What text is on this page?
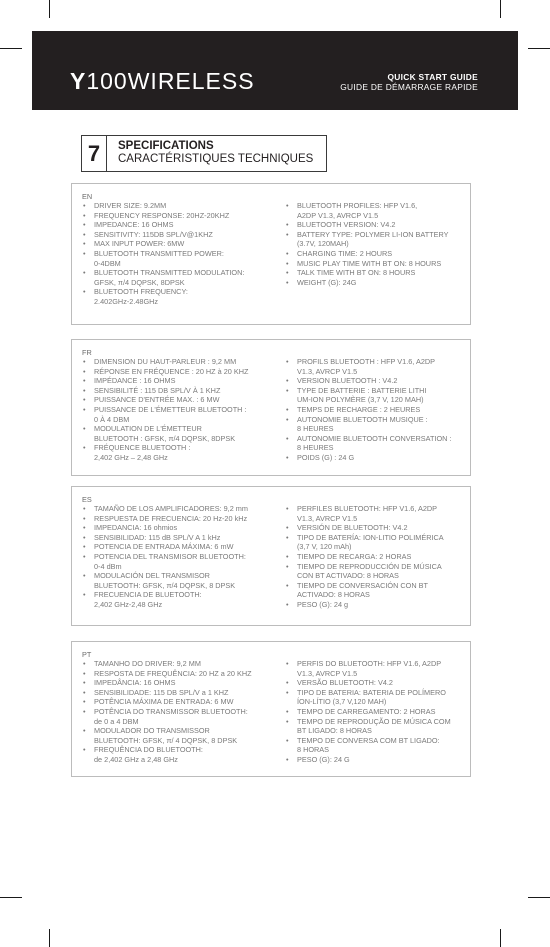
Y100WIRELESS	QUICK START GUIDE
GUIDE DE DÉMARRAGE RAPIDE
7	SPECIFICATIONS
CARACTÉRISTIQUES TECHNIQUES
EN
• DRIVER SIZE: 9.2MM
• FREQUENCY RESPONSE: 20HZ-20KHZ
• IMPEDANCE: 16 OHMS
• SENSITIVITY: 115DB SPL/V@1KHZ
• MAX INPUT POWER: 6MW
• BLUETOOTH TRANSMITTED POWER:
0-4DBM
• BLUETOOTH TRANSMITTED MODULATION:
GFSK, π/4 DQPSK, 8DPSK
• BLUETOOTH FREQUENCY:
2.402GHz-2.48GHz
• BLUETOOTH PROFILES: HFP V1.6,
A2DP V1.3, AVRCP V1.5
• BLUETOOTH VERSION: V4.2
• BATTERY TYPE: POLYMER LI-ION BATTERY
(3.7V, 120MAH)
• CHARGING TIME: 2 HOURS
• MUSIC PLAY TIME WITH BT ON: 8 HOURS
• TALK TIME WITH BT ON: 8 HOURS
• WEIGHT (G): 24G
FR
• DIMENSION DU HAUT-PARLEUR : 9,2 MM
• RÉPONSE EN FRÉQUENCE : 20 HZ à 20 KHZ
• IMPÉDANCE : 16 OHMS
• SENSIBILITÉ : 115 DB SPL/V À 1 KHZ
• PUISSANCE D'ENTRÉE MAX. : 6 MW
• PUISSANCE DE L'ÉMETTEUR BLUETOOTH :
0 À 4 DBM
• MODULATION DE L'ÉMETTEUR
BLUETOOTH : GFSK, π/4 DQPSK, 8DPSK
• FRÉQUENCE BLUETOOTH :
2,402 GHz – 2,48 GHz
• PROFILS BLUETOOTH : HFP V1.6, A2DP
V1.3, AVRCP V1.5
• VERSION BLUETOOTH : V4.2
• TYPE DE BATTERIE : BATTERIE LITHI
UM-ION POLYMÈRE (3,7 V, 120 MAH)
• TEMPS DE RECHARGE : 2 HEURES
• AUTONOMIE BLUETOOTH MUSIQUE :
8 HEURES
• AUTONOMIE BLUETOOTH CONVERSATION :
8 HEURES
• POIDS (G) : 24 G
ES
• TAMAÑO DE LOS AMPLIFICADORES: 9,2 mm
• RESPUESTA DE FRECUENCIA: 20 Hz-20 kHz
• IMPEDANCIA: 16 ohmios
• SENSIBILIDAD: 115 dB SPL/V A 1 kHz
• POTENCIA DE ENTRADA MÁXIMA: 6 mW
• POTENCIA DEL TRANSMISOR BLUETOOTH:
0-4 dBm
• MODULACIÓN DEL TRANSMISOR
BLUETOOTH: GFSK, π/4 DQPSK, 8 DPSK
• FRECUENCIA DE BLUETOOTH:
2,402 GHz-2,48 GHz
• PERFILES BLUETOOTH: HFP V1.6, A2DP
V1.3, AVRCP V1.5
• VERSIÓN DE BLUETOOTH: V4.2
• TIPO DE BATERÍA: ION-LITIO POLIMÉRICA
(3,7 V, 120 mAh)
• TIEMPO DE RECARGA: 2 HORAS
• TIEMPO DE REPRODUCCIÓN DE MÚSICA
CON BT ACTIVADO: 8 HORAS
• TIEMPO DE CONVERSACIÓN CON BT
ACTIVADO: 8 HORAS
• PESO (G): 24 g
PT
• TAMANHO DO DRIVER: 9,2 MM
• RESPOSTA DE FREQUÊNCIA: 20 HZ a 20 KHZ
• IMPEDÂNCIA: 16 OHMS
• SENSIBILIDADE: 115 DB SPL/V a 1 KHZ
• POTÊNCIA MÁXIMA DE ENTRADA: 6 MW
• POTÊNCIA DO TRANSMISSOR BLUETOOTH:
de 0 a 4 DBM
• MODULADOR DO TRANSMISSOR
BLUETOOTH: GFSK, π/ 4 DQPSK, 8 DPSK
• FREQUÊNCIA DO BLUETOOTH:
de 2,402 GHz a 2,48 GHz
• PERFIS DO BLUETOOTH: HFP V1.6, A2DP
V1.3, AVRCP V1.5
• VERSÃO BLUETOOTH: V4.2
• TIPO DE BATERIA: BATERIA DE POLÍMERO
ÍON-LÍTIO (3,7 V,120 MAH)
• TEMPO DE CARREGAMENTO: 2 HORAS
• TEMPO DE REPRODUÇÃO DE MÚSICA COM
BT LIGADO: 8 HORAS
• TEMPO DE CONVERSA COM BT LIGADO:
8 HORAS
• PESO (G): 24 G
